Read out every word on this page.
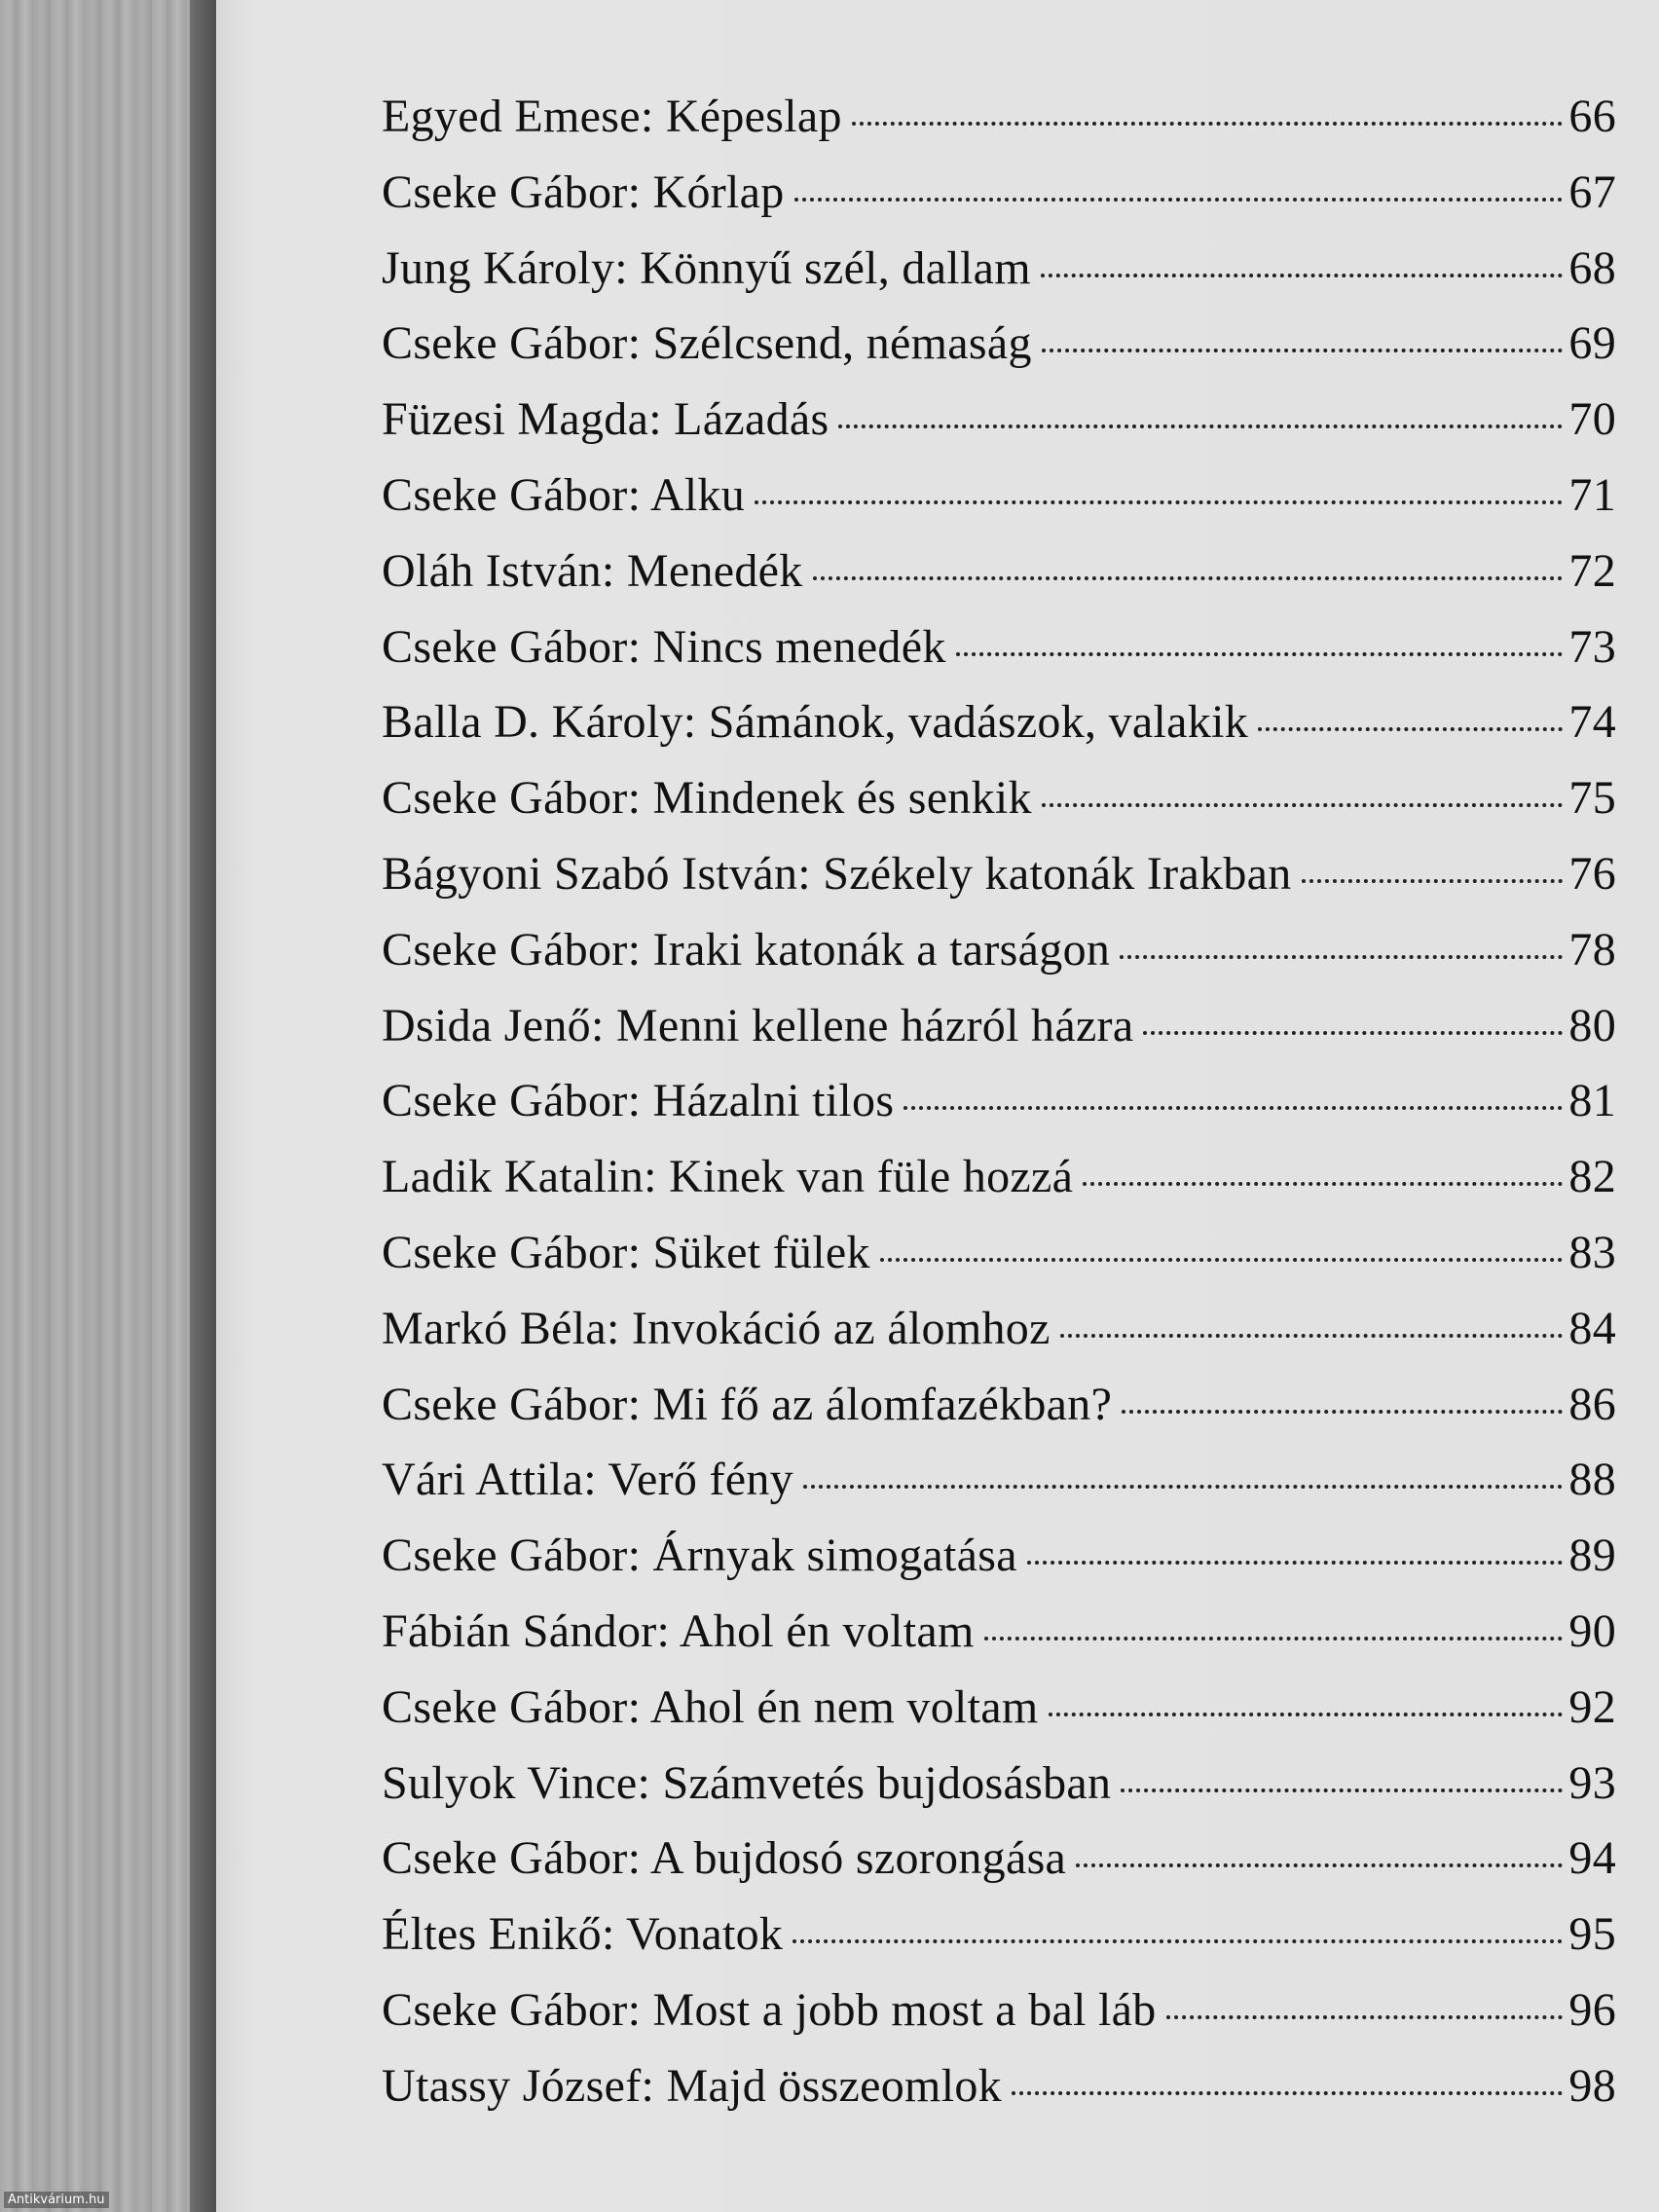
Egyed Emese: Képeslap	66
Cseke Gábor: Kórlap	67
Jung Károly: Könnyű szél, dallam	68
Cseke Gábor: Szélcsend, némaság	69
Füzesi Magda: Lázadás	70
Cseke Gábor: Alku	71
Oláh István: Menedék	72
Cseke Gábor: Nincs menedék	73
Balla D. Károly: Sámánok, vadászok, valakik	74
Cseke Gábor: Mindenek és senkik	75
Bágyoni Szabó István: Székely katonák Irakban	76
Cseke Gábor: Iraki katonák a tarságon	78
Dsida Jenő: Menni kellene házról házra	80
Cseke Gábor: Házalni tilos	81
Ladik Katalin: Kinek van füle hozzá	82
Cseke Gábor: Süket fülek	83
Markó Béla: Invokáció az álomhoz	84
Cseke Gábor: Mi fő az álomfazékban?	86
Vári Attila: Verő fény	88
Cseke Gábor: Árnyak simogatása	89
Fábián Sándor: Ahol én voltam	90
Cseke Gábor: Ahol én nem voltam	92
Sulyok Vince: Számvetés bujdosásban	93
Cseke Gábor: A bujdosó szorongása	94
Éltes Enikő: Vonatok	95
Cseke Gábor: Most a jobb most a bal láb	96
Utassy József: Majd összeomlok	98
Antikvárium.hu
